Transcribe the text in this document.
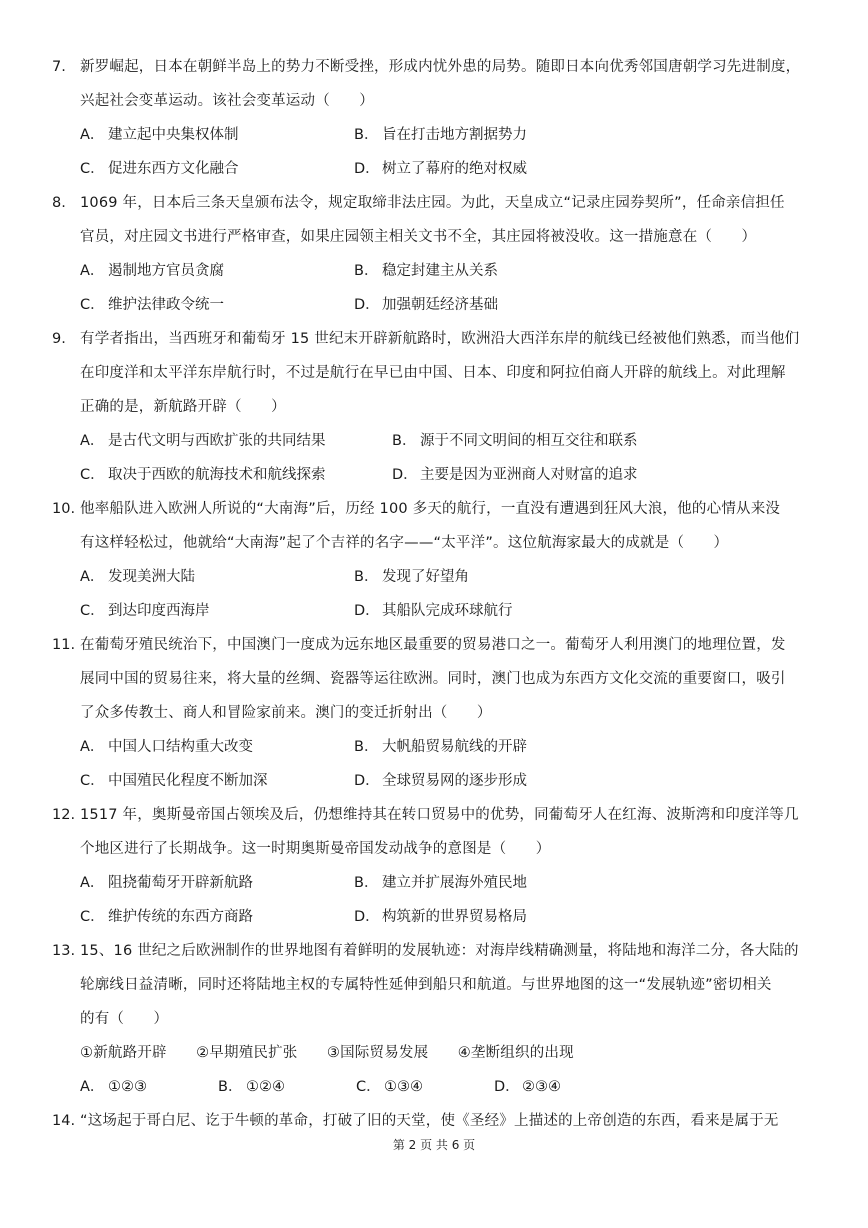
7. 新罗崛起，日本在朝鲜半岛上的势力不断受挫，形成内忧外患的局势。随即日本向优秀邻国唐朝学习先进制度，
兴起社会变革运动。该社会变革运动（　　）
A． 建立起中央集权体制	B． 旨在打击地方割据势力
C． 促进东西方文化融合	D． 树立了幕府的绝对权威
8. 1069 年，日本后三条天皇颁布法令，规定取缔非法庄园。为此，天皇成立“记录庄园券契所”，任命亲信担任
官员，对庄园文书进行严格审查，如果庄园领主相关文书不全，其庄园将被没收。这一措施意在（　　）
A． 遏制地方官员贪腐	B． 稳定封建主从关系
C． 维护法律政令统一	D． 加强朝廷经济基础
9. 有学者指出，当西班牙和葡萄牙 15 世纪末开辟新航路时，欧洲沿大西洋东岸的航线已经被他们熟悉，而当他们
在印度洋和太平洋东岸航行时，不过是航行在早已由中国、日本、印度和阿拉伯商人开辟的航线上。对此理解
正确的是，新航路开辟（　　）
A． 是古代文明与西欧扩张的共同结果	B． 源于不同文明间的相互交往和联系
C． 取决于西欧的航海技术和航线探索	D． 主要是因为亚洲商人对财富的追求
10. 他率船队进入欧洲人所说的“大南海”后，历经 100 多天的航行，一直没有遭遇到狂风大浪，他的心情从来没
有这样轻松过，他就给“大南海”起了个吉祥的名字——“太平洋”。这位航海家最大的成就是（　　）
A． 发现美洲大陆	B． 发现了好望角
C． 到达印度西海岸	D． 其船队完成环球航行
11. 在葡萄牙殖民统治下，中国澳门一度成为远东地区最重要的贸易港口之一。葡萄牙人利用澳门的地理位置，发
展同中国的贸易往来，将大量的丝绸、瓷器等运往欧洲。同时，澳门也成为东西方文化交流的重要窗口，吸引
了众多传教士、商人和冒险家前来。澳门的变迁折射出（　　）
A． 中国人口结构重大改变	B． 大帆船贸易航线的开辟
C． 中国殖民化程度不断加深	D． 全球贸易网的逐步形成
12. 1517 年，奥斯曼帝国占领埃及后，仍想维持其在转口贸易中的优势，同葡萄牙人在红海、波斯湾和印度洋等几
个地区进行了长期战争。这一时期奥斯曼帝国发动战争的意图是（　　）
A． 阻挠葡萄牙开辟新航路	B． 建立并扩展海外殖民地
C． 维护传统的东西方商路	D． 构筑新的世界贸易格局
13. 15、16 世纪之后欧洲制作的世界地图有着鲜明的发展轨迹：对海岸线精确测量，将陆地和海洋二分，各大陆的
轮廓线日益清晰，同时还将陆地主权的专属特性延伸到船只和航道。与世界地图的这一“发展轨迹”密切相关
的有（　　）
①新航路开辟　　②早期殖民扩张　　③国际贸易发展　　④垄断组织的出现
A． ①②③	B． ①②④	C． ①③④	D． ②③④
14. “这场起于哥白尼、讫于牛顿的革命，打破了旧的天堂，使《圣经》上描述的上帝创造的东西，看来是属于无
第 2 页 共 6 页
